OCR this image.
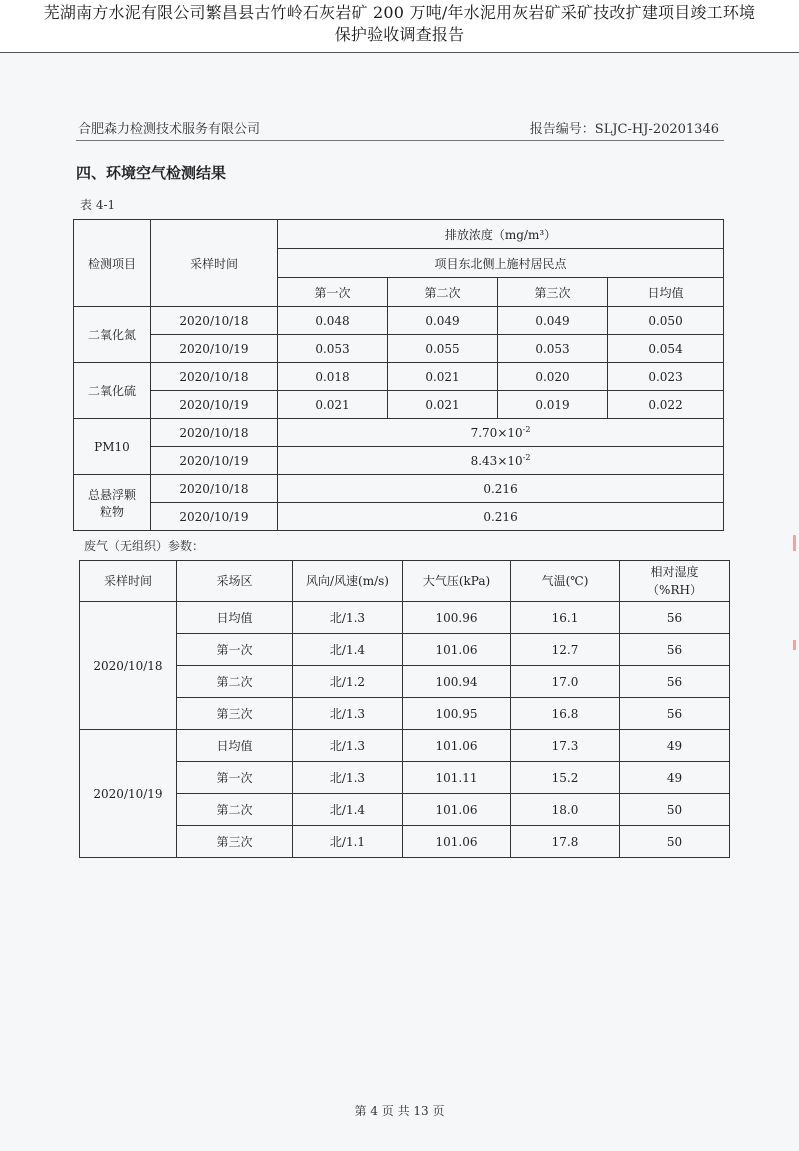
芜湖南方水泥有限公司繁昌县古竹岭石灰岩矿 200 万吨/年水泥用灰岩矿采矿技改扩建项目竣工环境
保护验收调查报告
合肥森力检测技术服务有限公司	报告编号：SLJC-HJ-20201346
四、环境空气检测结果
表 4-1
检测项目	采样时间	排放浓度（mg/m³）			
		项目东北侧上施村居民点			
		第一次	第二次	第三次	日均值
二氧化氮	2020/10/18	0.048	0.049	0.049	0.050
	2020/10/19	0.053	0.055	0.053	0.054
二氧化硫	2020/10/18	0.018	0.021	0.020	0.023
	2020/10/19	0.021	0.021	0.019	0.022
PM10	2020/10/18	$7.70\times 10^{-2}$
	2020/10/19	$8.43\times 10^{-2}$

总悬浮颗
粒物	2020/10/18	0.216			
	2020/10/19	0.216			
废气（无组织）参数：
采样时间	采场区	风向/风速(m/s)	大气压(kPa)	气温(℃)	相对湿度
（%RH）

2020/10/18	日均值	北/1.3	100.96	16.1	56
	第一次	北/1.4	101.06	12.7	56
	第二次	北/1.2	100.94	17.0	56
	第三次	北/1.3	100.95	16.8	56
2020/10/19	日均值	北/1.3	101.06	17.3	49
	第一次	北/1.3	101.11	15.2	49
	第二次	北/1.4	101.06	18.0	50
	第三次	北/1.1	101.06	17.8	50
第 4 页 共 13 页
